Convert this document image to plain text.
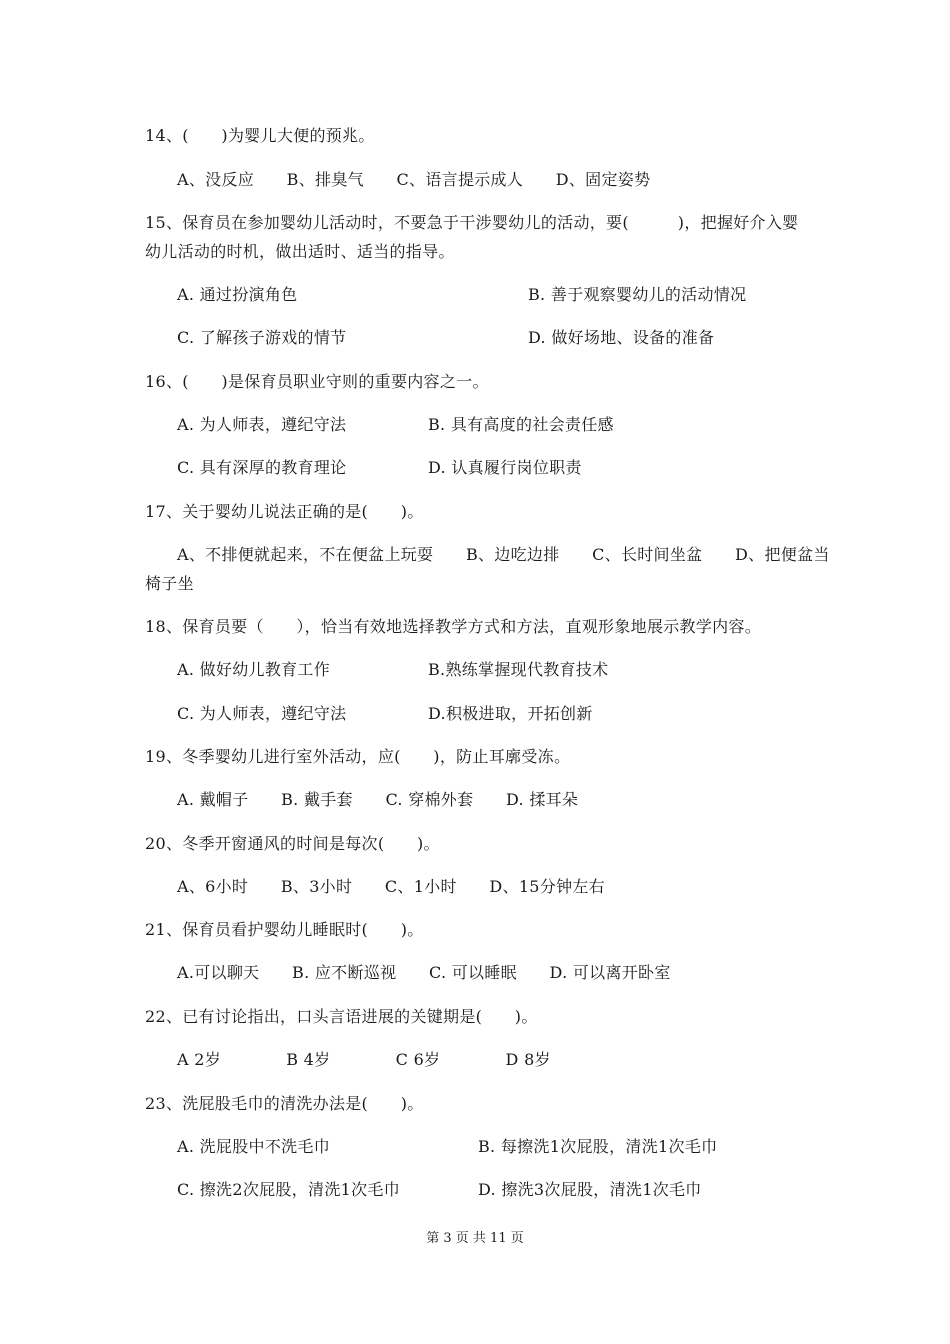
14、(　　)为婴儿大便的预兆。
A、没反应　　B、排臭气　　C、语言提示成人　　D、固定姿势
15、保育员在参加婴幼儿活动时，不要急于干涉婴幼儿的活动，要(　　　)，把握好介入婴
幼儿活动的时机，做出适时、适当的指导。
A. 通过扮演角色	B. 善于观察婴幼儿的活动情况
C. 了解孩子游戏的情节	D. 做好场地、设备的准备
16、(　　)是保育员职业守则的重要内容之一。
A. 为人师表，遵纪守法	B. 具有高度的社会责任感
C. 具有深厚的教育理论	D. 认真履行岗位职责
17、关于婴幼儿说法正确的是(　　)。
A、不排便就起来，不在便盆上玩耍　　B、边吃边排　　C、长时间坐盆　　D、把便盆当
椅子坐
18、保育员要（　　），恰当有效地选择教学方式和方法，直观形象地展示教学内容。
A. 做好幼儿教育工作	B.熟练掌握现代教育技术
C. 为人师表，遵纪守法	D.积极进取，开拓创新
19、冬季婴幼儿进行室外活动，应(　　)，防止耳廓受冻。
A. 戴帽子　　B. 戴手套　　C. 穿棉外套　　D. 揉耳朵
20、冬季开窗通风的时间是每次(　　)。
A、6小时　　B、3小时　　C、1小时　　D、15分钟左右
21、保育员看护婴幼儿睡眠时(　　)。
A.可以聊天　　B. 应不断巡视　　C. 可以睡眠　　D. 可以离开卧室
22、已有讨论指出，口头言语进展的关键期是(　　)。
A 2岁　　　　B 4岁　　　　C 6岁　　　　D 8岁
23、洗屁股毛巾的清洗办法是(　　)。
A. 洗屁股中不洗毛巾	B. 每擦洗1次屁股，清洗1次毛巾
C. 擦洗2次屁股，清洗1次毛巾	D. 擦洗3次屁股，清洗1次毛巾
第 3 页 共 11 页
